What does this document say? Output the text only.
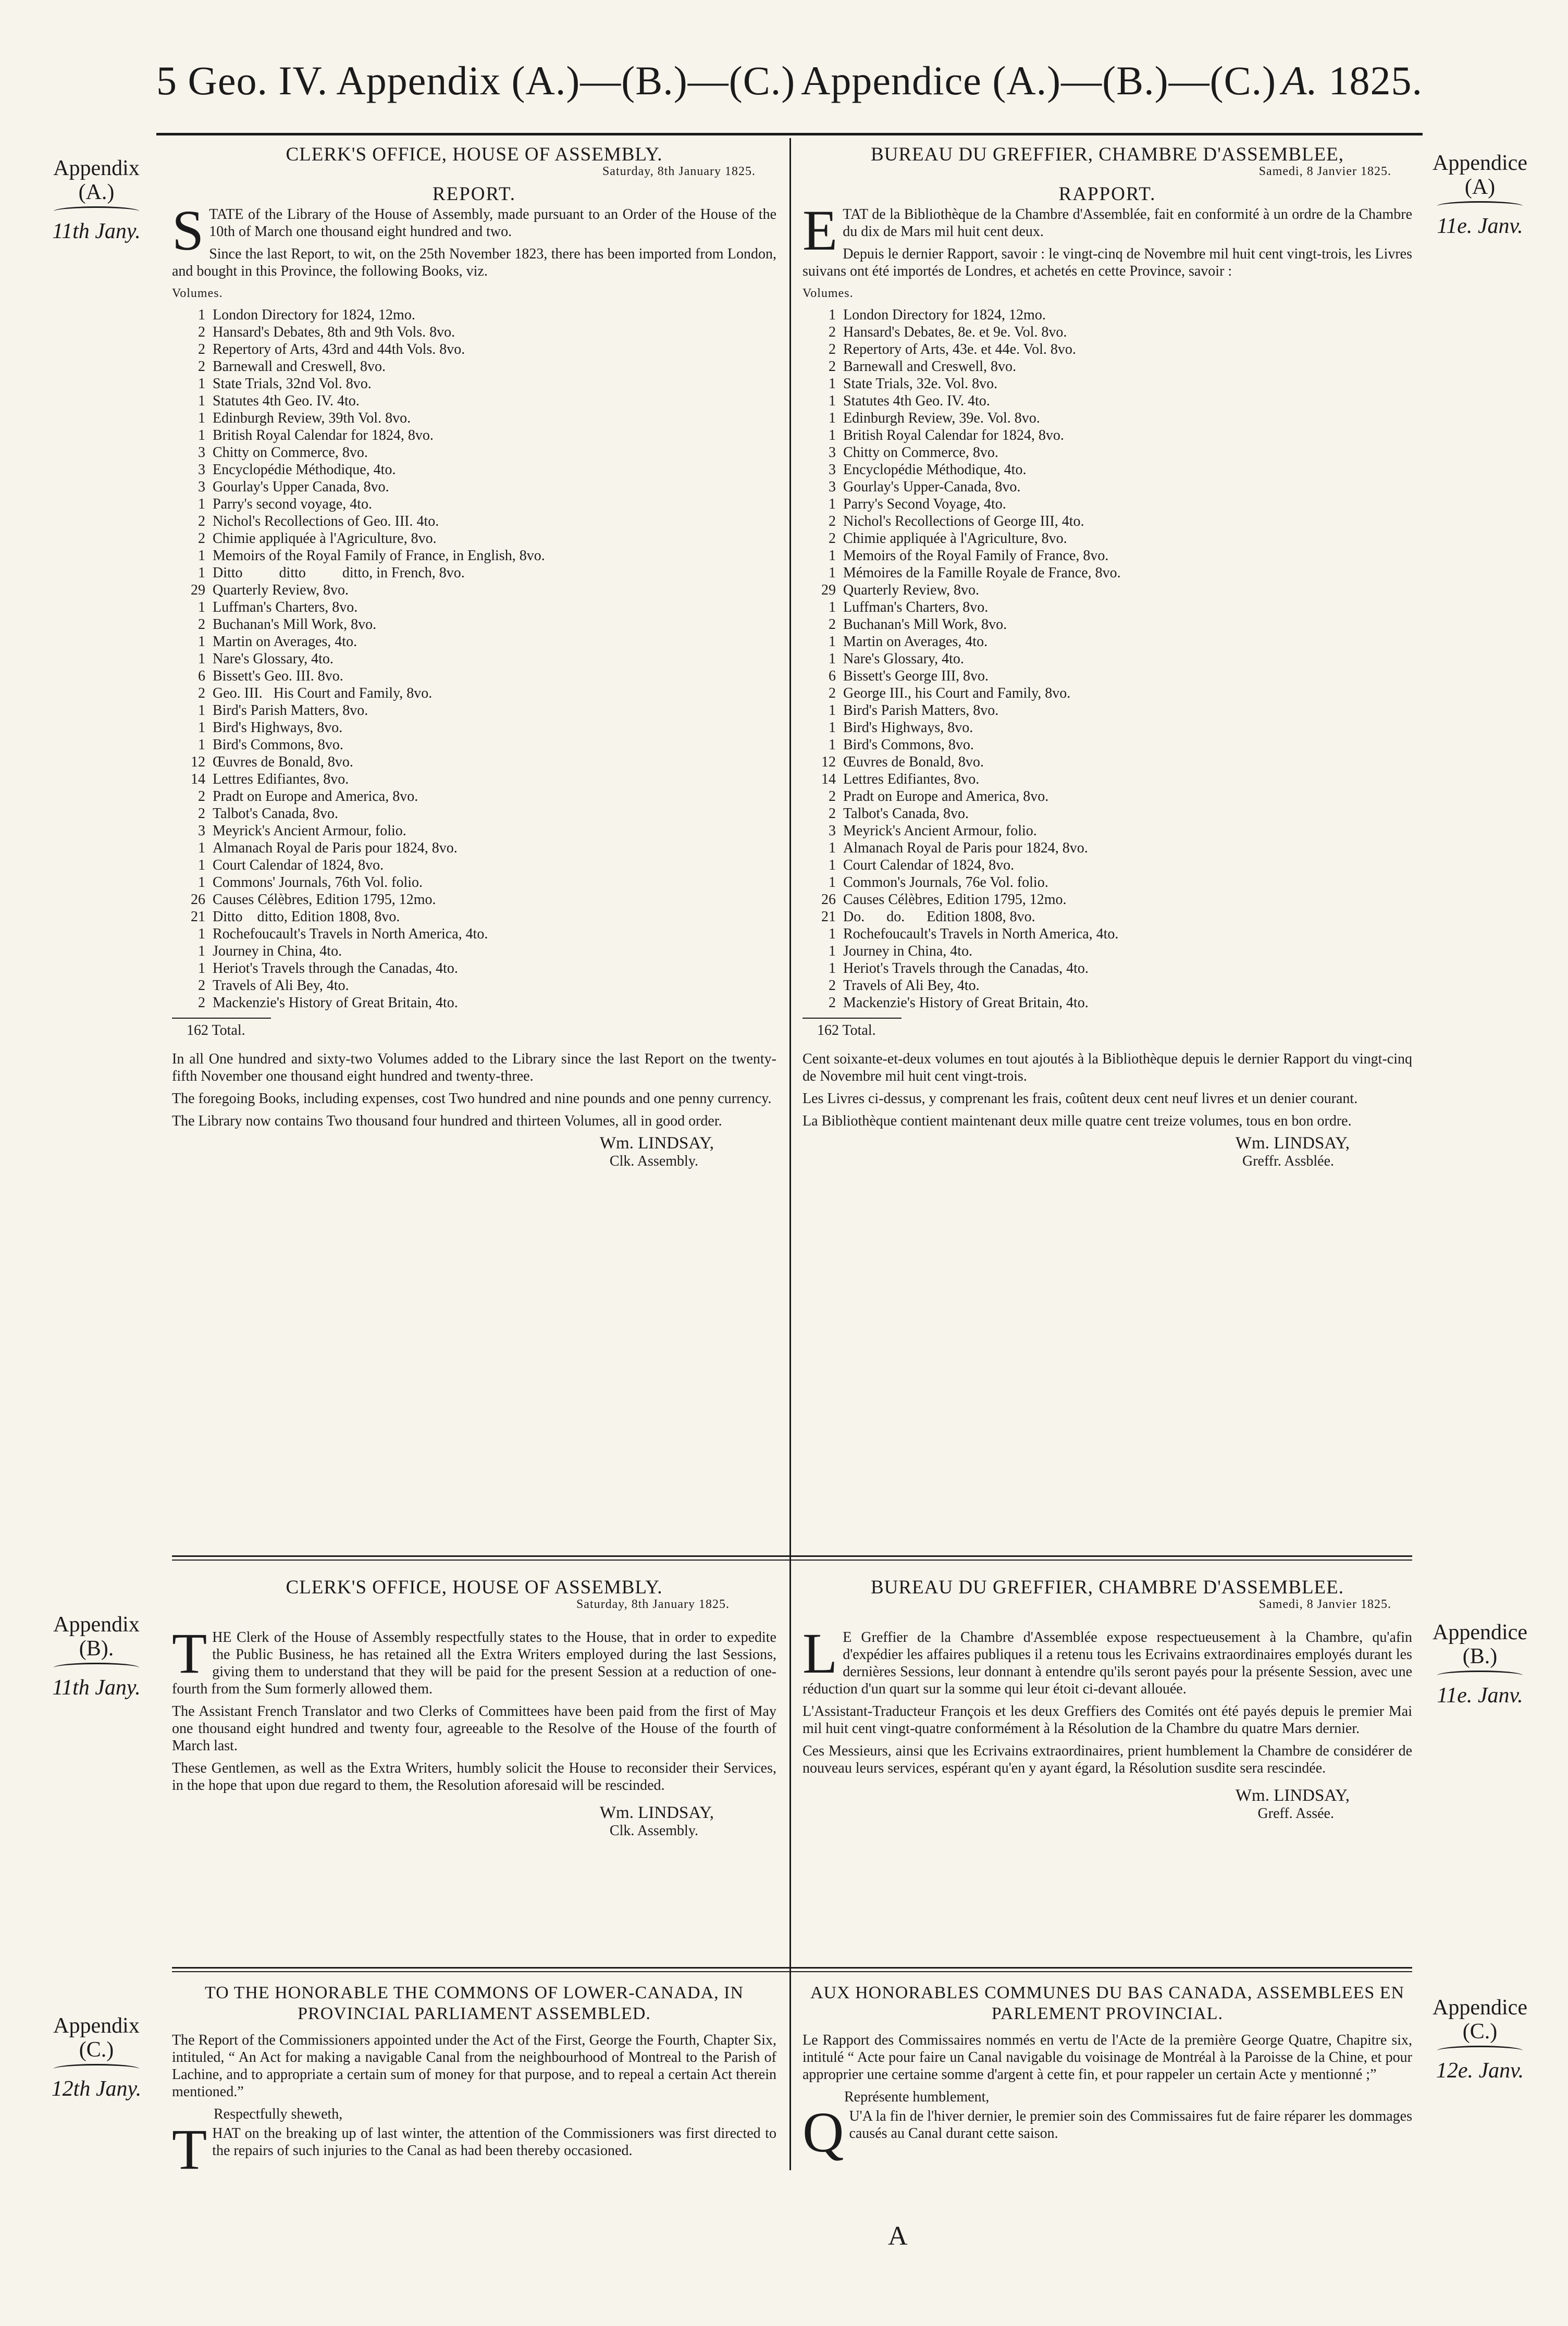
5 Geo. IV. Appendix (A.)—(B.)—(C.) Appendice (A.)—(B.)—(C.) A. 1825.
Appendix
(A.)
11th Jany.
Appendice
(A)
11e. Janv.
Appendix
(B).
11th Jany.
Appendice
(B.)
11e. Janv.
Appendix
(C.)
12th Jany.
Appendice
(C.)
12e. Janv.
CLERK'S OFFICE, HOUSE OF ASSEMBLY.
Saturday, 8th January 1825.
REPORT.

STATE of the Library of the House of Assembly, made pursuant to an Order of the House of the 10th of March one thousand eight hundred and two.

Since the last Report, to wit, on the 25th November 1823, there has been imported from London, and bought in this Province, the following Books, viz.

Volumes.
1 London Directory for 1824, 12mo.
2 Hansard's Debates, 8th and 9th Vols. 8vo.
2 Repertory of Arts, 43rd and 44th Vols. 8vo.
2 Barnewall and Creswell, 8vo.
1 State Trials, 32nd Vol. 8vo.
1 Statutes 4th Geo. IV. 4to.
1 Edinburgh Review, 39th Vol. 8vo.
1 British Royal Calendar for 1824, 8vo.
3 Chitty on Commerce, 8vo.
3 Encyclopédie Méthodique, 4to.
3 Gourlay's Upper Canada, 8vo.
1 Parry's second voyage, 4to.
2 Nichol's Recollections of Geo. III. 4to.
2 Chimie appliquée à l'Agriculture, 8vo.
1 Memoirs of the Royal Family of France, in English, 8vo.
1 Ditto          ditto          ditto, in French, 8vo.
29 Quarterly Review, 8vo.
1 Luffman's Charters, 8vo.
2 Buchanan's Mill Work, 8vo.
1 Martin on Averages, 4to.
1 Nare's Glossary, 4to.
6 Bissett's Geo. III. 8vo.
2 Geo. III.   His Court and Family, 8vo.
1 Bird's Parish Matters, 8vo.
1 Bird's Highways, 8vo.
1 Bird's Commons, 8vo.
12 Œuvres de Bonald, 8vo.
14 Lettres Edifiantes, 8vo.
2 Pradt on Europe and America, 8vo.
2 Talbot's Canada, 8vo.
3 Meyrick's Ancient Armour, folio.
1 Almanach Royal de Paris pour 1824, 8vo.
1 Court Calendar of 1824, 8vo.
1 Commons' Journals, 76th Vol. folio.
26 Causes Célèbres, Edition 1795, 12mo.
21 Ditto    ditto, Edition 1808, 8vo.
1 Rochefoucault's Travels in North America, 4to.
1 Journey in China, 4to.
1 Heriot's Travels through the Canadas, 4to.
2 Travels of Ali Bey, 4to.
2 Mackenzie's History of Great Britain, 4to.
162 Total.

In all One hundred and sixty-two Volumes added to the Library since the last Report on the twenty-fifth November one thousand eight hundred and twenty-three.

The foregoing Books, including expenses, cost Two hundred and nine pounds and one penny currency.

The Library now contains Two thousand four hundred and thirteen Volumes, all in good order.

Wm. LINDSAY,
Clk. Assembly.
BUREAU DU GREFFIER, CHAMBRE D'ASSEMBLEE,
Samedi, 8 Janvier 1825.
RAPPORT.

ETAT de la Bibliothèque de la Chambre d'Assemblée, fait en conformité à un ordre de la Chambre du dix de Mars mil huit cent deux.

Depuis le dernier Rapport, savoir : le vingt-cinq de Novembre mil huit cent vingt-trois, les Livres suivans ont été importés de Londres, et achetés en cette Province, savoir :

Volumes.
1 London Directory for 1824, 12mo.
2 Hansard's Debates, 8e. et 9e. Vol. 8vo.
2 Repertory of Arts, 43e. et 44e. Vol. 8vo.
2 Barnewall and Creswell, 8vo.
1 State Trials, 32e. Vol. 8vo.
1 Statutes 4th Geo. IV. 4to.
1 Edinburgh Review, 39e. Vol. 8vo.
1 British Royal Calendar for 1824, 8vo.
3 Chitty on Commerce, 8vo.
3 Encyclopédie Méthodique, 4to.
3 Gourlay's Upper-Canada, 8vo.
1 Parry's Second Voyage, 4to.
2 Nichol's Recollections of George III, 4to.
2 Chimie appliquée à l'Agriculture, 8vo.
1 Memoirs of the Royal Family of France, 8vo.
1 Mémoires de la Famille Royale de France, 8vo.
29 Quarterly Review, 8vo.
1 Luffman's Charters, 8vo.
2 Buchanan's Mill Work, 8vo.
1 Martin on Averages, 4to.
1 Nare's Glossary, 4to.
6 Bissett's George III, 8vo.
2 George III., his Court and Family, 8vo.
1 Bird's Parish Matters, 8vo.
1 Bird's Highways, 8vo.
1 Bird's Commons, 8vo.
12 Œuvres de Bonald, 8vo.
14 Lettres Edifiantes, 8vo.
2 Pradt on Europe and America, 8vo.
2 Talbot's Canada, 8vo.
3 Meyrick's Ancient Armour, folio.
1 Almanach Royal de Paris pour 1824, 8vo.
1 Court Calendar of 1824, 8vo.
1 Common's Journals, 76e Vol. folio.
26 Causes Célèbres, Edition 1795, 12mo.
21 Do.      do.      Edition 1808, 8vo.
1 Rochefoucault's Travels in North America, 4to.
1 Journey in China, 4to.
1 Heriot's Travels through the Canadas, 4to.
2 Travels of Ali Bey, 4to.
2 Mackenzie's History of Great Britain, 4to.
162 Total.

Cent soixante-et-deux volumes en tout ajoutés à la Bibliothèque depuis le dernier Rapport du vingt-cinq de Novembre mil huit cent vingt-trois.

Les Livres ci-dessus, y comprenant les frais, coûtent deux cent neuf livres et un denier courant.

La Bibliothèque contient maintenant deux mille quatre cent treize volumes, tous en bon ordre.

Wm. LINDSAY,
Greffr. Assblée.
CLERK'S OFFICE, HOUSE OF ASSEMBLY.
Saturday, 8th January 1825.

THE Clerk of the House of Assembly respectfully states to the House, that in order to expedite the Public Business, he has retained all the Extra Writers employed during the last Sessions, giving them to understand that they will be paid for the present Session at a reduction of one-fourth from the Sum formerly allowed them.

The Assistant French Translator and two Clerks of Committees have been paid from the first of May one thousand eight hundred and twenty four, agreeable to the Resolve of the House of the fourth of March last.

These Gentlemen, as well as the Extra Writers, humbly solicit the House to reconsider their Services, in the hope that upon due regard to them, the Resolution aforesaid will be rescinded.

Wm. LINDSAY,
Clk. Assembly.
BUREAU DU GREFFIER, CHAMBRE D'ASSEMBLEE.
Samedi, 8 Janvier 1825.

L E Greffier de la Chambre d'Assemblée expose respectueusement à la Chambre, qu'afin d'expédier les affaires publiques il a retenu tous les Ecrivains extraordinaires employés durant les dernières Sessions, leur donnant à entendre qu'ils seront payés pour la présente Session, avec une réduction d'un quart sur la somme qui leur étoit ci-devant allouée.

L'Assistant-Traducteur François et les deux Greffiers des Comités ont été payés depuis le premier Mai mil huit cent vingt-quatre conformément à la Résolution de la Chambre du quatre Mars dernier.

Ces Messieurs, ainsi que les Ecrivains extraordinaires, prient humblement la Chambre de considérer de nouveau leurs services, espérant qu'en y ayant égard, la Résolution susdite sera rescindée.

Wm. LINDSAY,
Greff. Assée.
TO THE HONORABLE THE COMMONS OF LOWER-CANADA, IN PROVINCIAL PARLIAMENT ASSEMBLED.

The Report of the Commissioners appointed under the Act of the First, George the Fourth, Chapter Six, intituled, “ An Act for making a navigable Canal from the neighbourhood of Montreal to the Parish of Lachine, and to appropriate a certain sum of money for that purpose, and to repeal a certain Act therein mentioned.”

Respectfully sheweth,

THAT on the breaking up of last winter, the attention of the Commissioners was first directed to the repairs of such injuries to the Canal as had been thereby occasioned.

AUX HONORABLES COMMUNES DU BAS CANADA, ASSEMBLEES EN PARLEMENT PROVINCIAL.

Le Rapport des Commissaires nommés en vertu de l'Acte de la première George Quatre, Chapitre six, intitulé “ Acte pour faire un Canal navigable du voisinage de Montréal à la Paroisse de la Chine, et pour approprier une certaine somme d'argent à cette fin, et pour rappeler un certain Acte y mentionné ;”

Représente humblement,

Q U'A la fin de l'hiver dernier, le premier soin des Commissaires fut de faire réparer les dommages causés au Canal durant cette saison.

A
